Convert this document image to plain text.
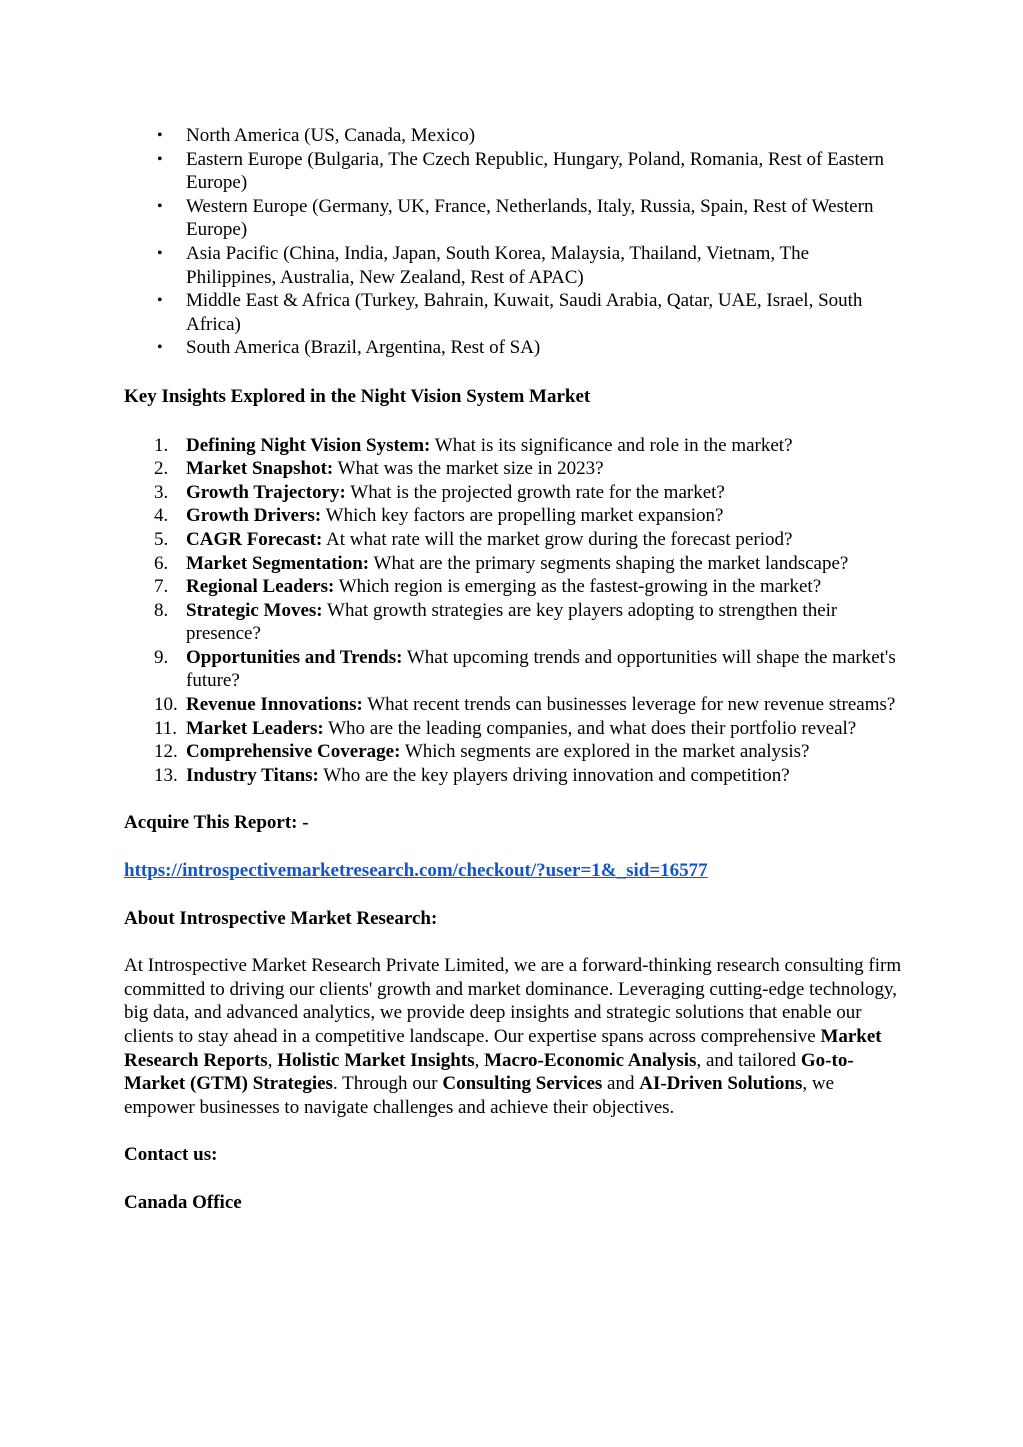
• North America (US, Canada, Mexico)
• Eastern Europe (Bulgaria, The Czech Republic, Hungary, Poland, Romania, Rest of Eastern Europe)
• Western Europe (Germany, UK, France, Netherlands, Italy, Russia, Spain, Rest of Western Europe)
• Asia Pacific (China, India, Japan, South Korea, Malaysia, Thailand, Vietnam, The Philippines, Australia, New Zealand, Rest of APAC)
• Middle East & Africa (Turkey, Bahrain, Kuwait, Saudi Arabia, Qatar, UAE, Israel, South Africa)
• South America (Brazil, Argentina, Rest of SA)
Key Insights Explored in the Night Vision System Market
1. Defining Night Vision System: What is its significance and role in the market?
2. Market Snapshot: What was the market size in 2023?
3. Growth Trajectory: What is the projected growth rate for the market?
4. Growth Drivers: Which key factors are propelling market expansion?
5. CAGR Forecast: At what rate will the market grow during the forecast period?
6. Market Segmentation: What are the primary segments shaping the market landscape?
7. Regional Leaders: Which region is emerging as the fastest-growing in the market?
8. Strategic Moves: What growth strategies are key players adopting to strengthen their presence?
9. Opportunities and Trends: What upcoming trends and opportunities will shape the market's future?
10. Revenue Innovations: What recent trends can businesses leverage for new revenue streams?
11. Market Leaders: Who are the leading companies, and what does their portfolio reveal?
12. Comprehensive Coverage: Which segments are explored in the market analysis?
13. Industry Titans: Who are the key players driving innovation and competition?

Acquire This Report: -

https://introspectivemarketresearch.com/checkout/?user=1&_sid=16577

About Introspective Market Research:

At Introspective Market Research Private Limited, we are a forward-thinking research consulting firm committed to driving our clients' growth and market dominance. Leveraging cutting-edge technology, big data, and advanced analytics, we provide deep insights and strategic solutions that enable our clients to stay ahead in a competitive landscape. Our expertise spans across comprehensive Market Research Reports, Holistic Market Insights, Macro-Economic Analysis, and tailored Go-to-Market (GTM) Strategies. Through our Consulting Services and AI-Driven Solutions, we empower businesses to navigate challenges and achieve their objectives.

Contact us:

Canada Office
